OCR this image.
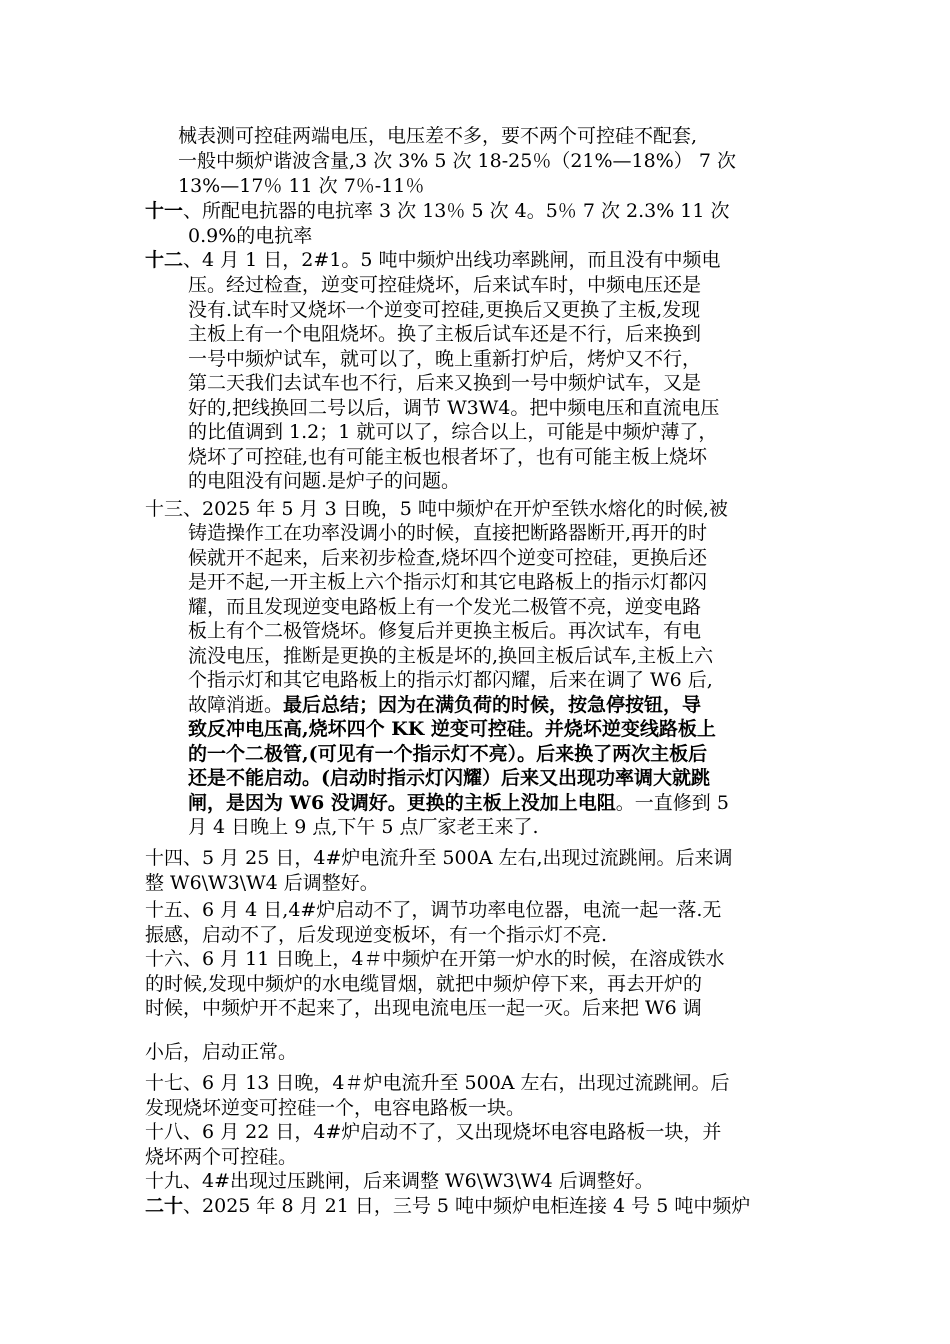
械表测可控硅两端电压，电压差不多，要不两个可控硅不配套,
一般中频炉谐波含量,3 次 3% 5 次 18-25％（21%—18%） 7 次
13%—17％ 11 次 7％-11％
十一、所配电抗器的电抗率 3 次 13％ 5 次 4。5％ 7 次 2.3% 11 次
0.9%的电抗率
十二、4 月 1 日，2#1。5 吨中频炉出线功率跳闸，而且没有中频电
压。经过检查，逆变可控硅烧坏，后来试车时，中频电压还是
没有.试车时又烧坏一个逆变可控硅,更换后又更换了主板,发现
主板上有一个电阻烧坏。换了主板后试车还是不行，后来换到
一号中频炉试车，就可以了，晚上重新打炉后，烤炉又不行，
第二天我们去试车也不行，后来又换到一号中频炉试车，又是
好的,把线换回二号以后，调节 W3W4。把中频电压和直流电压
的比值调到 1.2；1 就可以了，综合以上，可能是中频炉薄了，
烧坏了可控硅,也有可能主板也根者坏了，也有可能主板上烧坏
的电阻没有问题.是炉子的问题。
十三、2025 年 5 月 3 日晚，5 吨中频炉在开炉至铁水熔化的时候,被
铸造操作工在功率没调小的时候，直接把断路器断开,再开的时
候就开不起来，后来初步检查,烧坏四个逆变可控硅，更换后还
是开不起,一开主板上六个指示灯和其它电路板上的指示灯都闪
耀，而且发现逆变电路板上有一个发光二极管不亮，逆变电路
板上有个二极管烧坏。修复后并更换主板后。再次试车，有电
流没电压，推断是更换的主板是坏的,换回主板后试车,主板上六
个指示灯和其它电路板上的指示灯都闪耀，后来在调了 W6 后,
故障消逝。最后总结；因为在满负荷的时候，按急停按钮，导
致反冲电压高,烧坏四个 KK 逆变可控硅。并烧坏逆变线路板上
的一个二极管,(可见有一个指示灯不亮）。后来换了两次主板后
还是不能启动。(启动时指示灯闪耀）后来又出现功率调大就跳
闸，是因为 W6 没调好。更换的主板上没加上电阻。一直修到 5
月 4 日晚上 9 点,下午 5 点厂家老王来了.
十四、5 月 25 日，4#炉电流升至 500A 左右,出现过流跳闸。后来调
整 W6\W3\W4 后调整好。
十五、6 月 4 日,4#炉启动不了，调节功率电位器，电流一起一落.无
振感，启动不了，后发现逆变板坏，有一个指示灯不亮.
十六、6 月 11 日晚上，4＃中频炉在开第一炉水的时候，在溶成铁水
的时候,发现中频炉的水电缆冒烟，就把中频炉停下来，再去开炉的
时候，中频炉开不起来了，出现电流电压一起一灭。后来把 W6 调
小后，启动正常。
十七、6 月 13 日晚，4＃炉电流升至 500A 左右，出现过流跳闸。后
发现烧坏逆变可控硅一个，电容电路板一块。
十八、6 月 22 日，4#炉启动不了，又出现烧坏电容电路板一块，并
烧坏两个可控硅。
十九、4#出现过压跳闸，后来调整 W6\W3\W4 后调整好。
二十、2025 年 8 月 21 日，三号 5 吨中频炉电柜连接 4 号 5 吨中频炉
